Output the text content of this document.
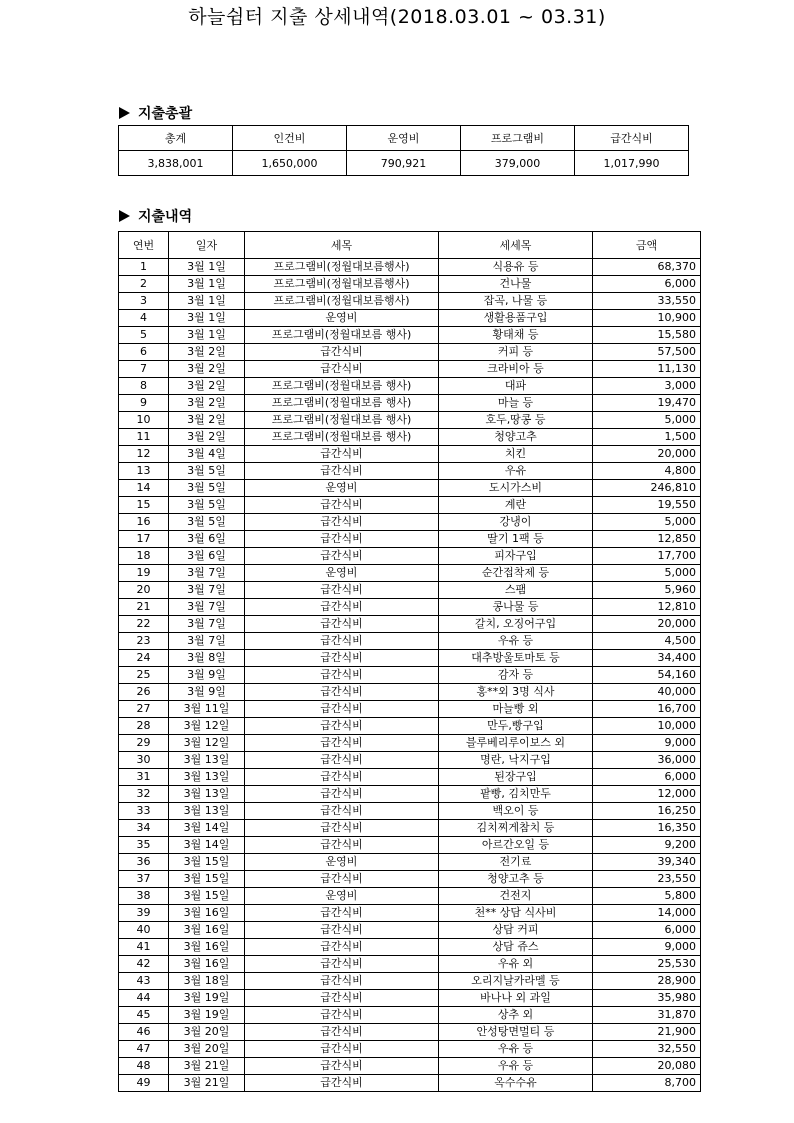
하늘쉼터 지출 상세내역(2018.03.01 ~ 03.31)
지출총괄
총계	인건비	운영비	프로그램비	급간식비
3,838,001	1,650,000	790,921	379,000	1,017,990
지출내역
연번	일자	세목	세세목	금액
1	3월 1일	프로그램비(정월대보름행사)	식용유 등	68,370
2	3월 1일	프로그램비(정월대보름행사)	건나물	6,000
3	3월 1일	프로그램비(정월대보름행사)	잡곡, 나물 등	33,550
4	3월 1일	운영비	생활용품구입	10,900
5	3월 1일	프로그램비(정월대보름 행사)	황태채 등	15,580
6	3월 2일	급간식비	커피 등	57,500
7	3월 2일	급간식비	크라비아 등	11,130
8	3월 2일	프로그램비(정월대보름 행사)	대파	3,000
9	3월 2일	프로그램비(정월대보름 행사)	마늘 등	19,470
10	3월 2일	프로그램비(정월대보름 행사)	호두,땅콩 등	5,000
11	3월 2일	프로그램비(정월대보름 행사)	청양고추	1,500
12	3월 4일	급간식비	치킨	20,000
13	3월 5일	급간식비	우유	4,800
14	3월 5일	운영비	도시가스비	246,810
15	3월 5일	급간식비	계란	19,550
16	3월 5일	급간식비	강냉이	5,000
17	3월 6일	급간식비	딸기 1팩 등	12,850
18	3월 6일	급간식비	피자구입	17,700
19	3월 7일	운영비	순간접착제 등	5,000
20	3월 7일	급간식비	스팸	5,960
21	3월 7일	급간식비	콩나물 등	12,810
22	3월 7일	급간식비	갈치, 오징어구입	20,000
23	3월 7일	급간식비	우유 등	4,500
24	3월 8일	급간식비	대추방울토마토 등	34,400
25	3월 9일	급간식비	감자 등	54,160
26	3월 9일	급간식비	홍**외 3명 식사	40,000
27	3월 11일	급간식비	마늘빵 외	16,700
28	3월 12일	급간식비	만두,빵구입	10,000
29	3월 12일	급간식비	블루베리루이보스 외	9,000
30	3월 13일	급간식비	명란, 낙지구입	36,000
31	3월 13일	급간식비	된장구입	6,000
32	3월 13일	급간식비	팥빵, 김치만두	12,000
33	3월 13일	급간식비	백오이 등	16,250
34	3월 14일	급간식비	김치찌게참치 등	16,350
35	3월 14일	급간식비	아르간오일 등	9,200
36	3월 15일	운영비	전기료	39,340
37	3월 15일	급간식비	청양고추 등	23,550
38	3월 15일	운영비	건전지	5,800
39	3월 16일	급간식비	천** 상담 식사비	14,000
40	3월 16일	급간식비	상담 커피	6,000
41	3월 16일	급간식비	상담 쥬스	9,000
42	3월 16일	급간식비	우유 외	25,530
43	3월 18일	급간식비	오리지날카라멜 등	28,900
44	3월 19일	급간식비	바나나 외 과일	35,980
45	3월 19일	급간식비	상추 외	31,870
46	3월 20일	급간식비	안성탕면멀티 등	21,900
47	3월 20일	급간식비	우유 등	32,550
48	3월 21일	급간식비	우유 등	20,080
49	3월 21일	급간식비	옥수수유	8,700
